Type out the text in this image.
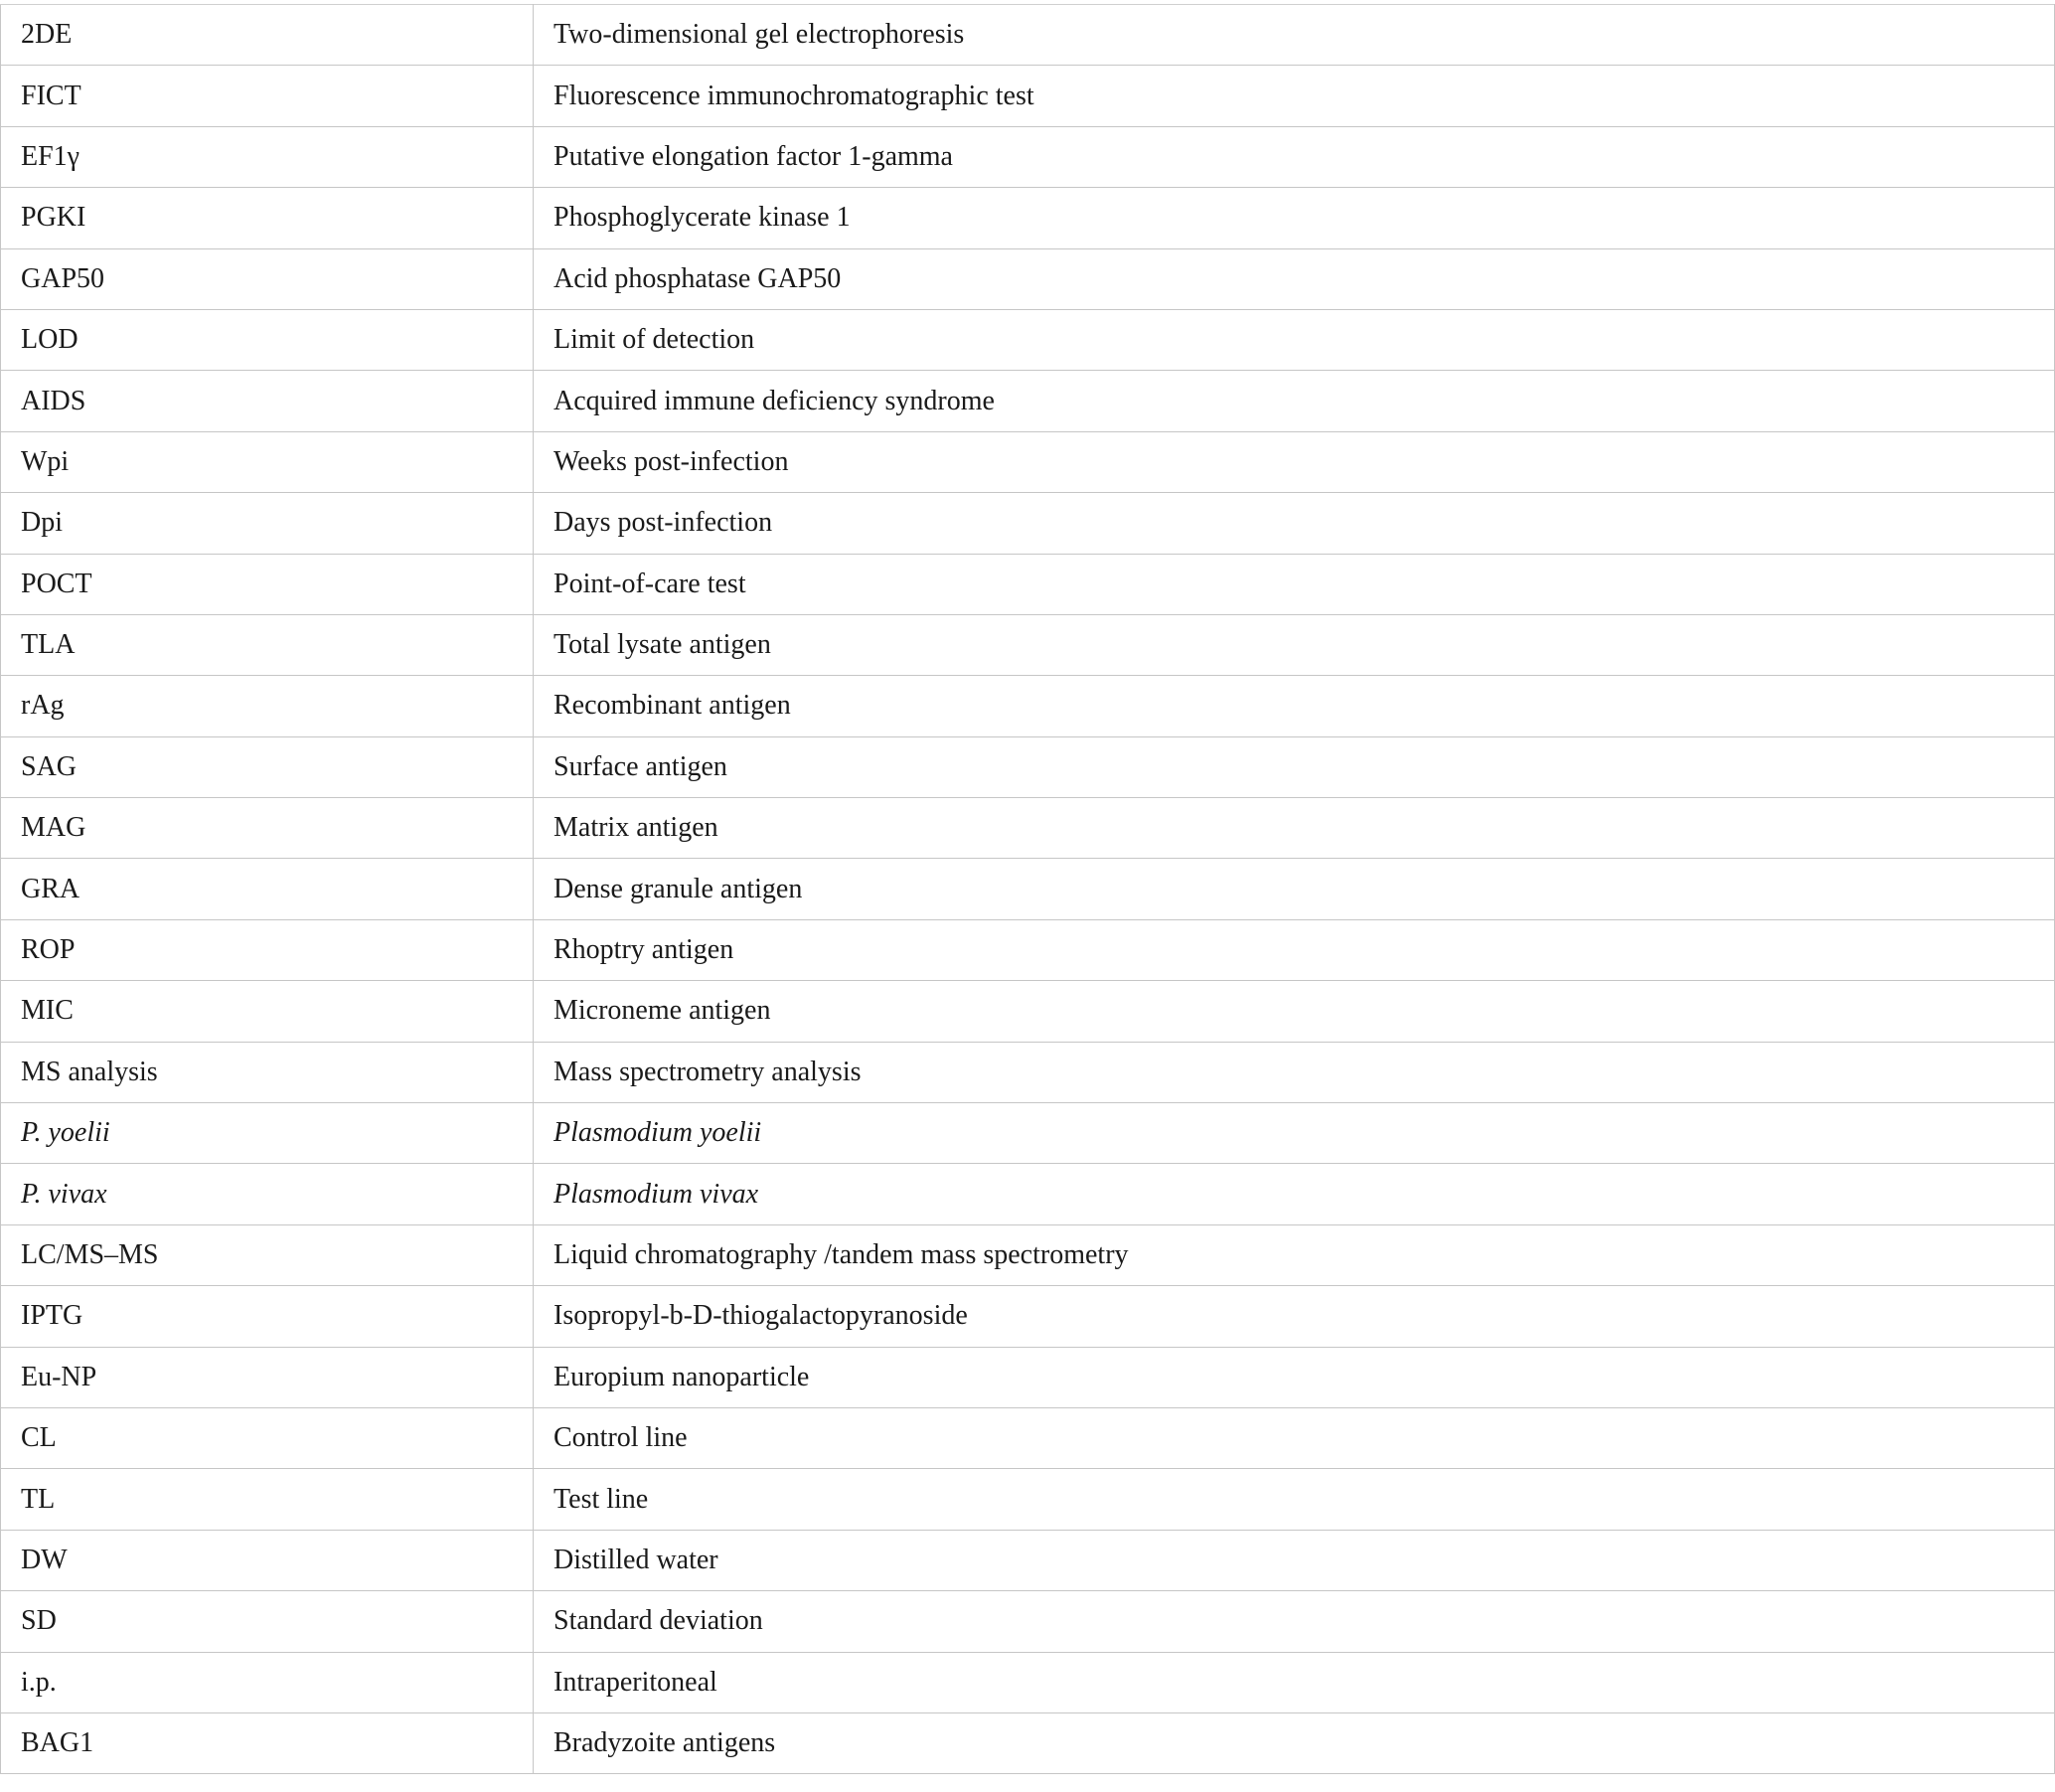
2DE	Two-dimensional gel electrophoresis
FICT	Fluorescence immunochromatographic test
EF1γ	Putative elongation factor 1-gamma
PGKI	Phosphoglycerate kinase 1
GAP50	Acid phosphatase GAP50
LOD	Limit of detection
AIDS	Acquired immune deficiency syndrome
Wpi	Weeks post-infection
Dpi	Days post-infection
POCT	Point-of-care test
TLA	Total lysate antigen
rAg	Recombinant antigen
SAG	Surface antigen
MAG	Matrix antigen
GRA	Dense granule antigen
ROP	Rhoptry antigen
MIC	Microneme antigen
MS analysis	Mass spectrometry analysis
P. yoelii	Plasmodium yoelii
P. vivax	Plasmodium vivax
LC/MS–MS	Liquid chromatography /tandem mass spectrometry
IPTG	Isopropyl-b-D-thiogalactopyranoside
Eu-NP	Europium nanoparticle
CL	Control line
TL	Test line
DW	Distilled water
SD	Standard deviation
i.p.	Intraperitoneal
BAG1	Bradyzoite antigens
